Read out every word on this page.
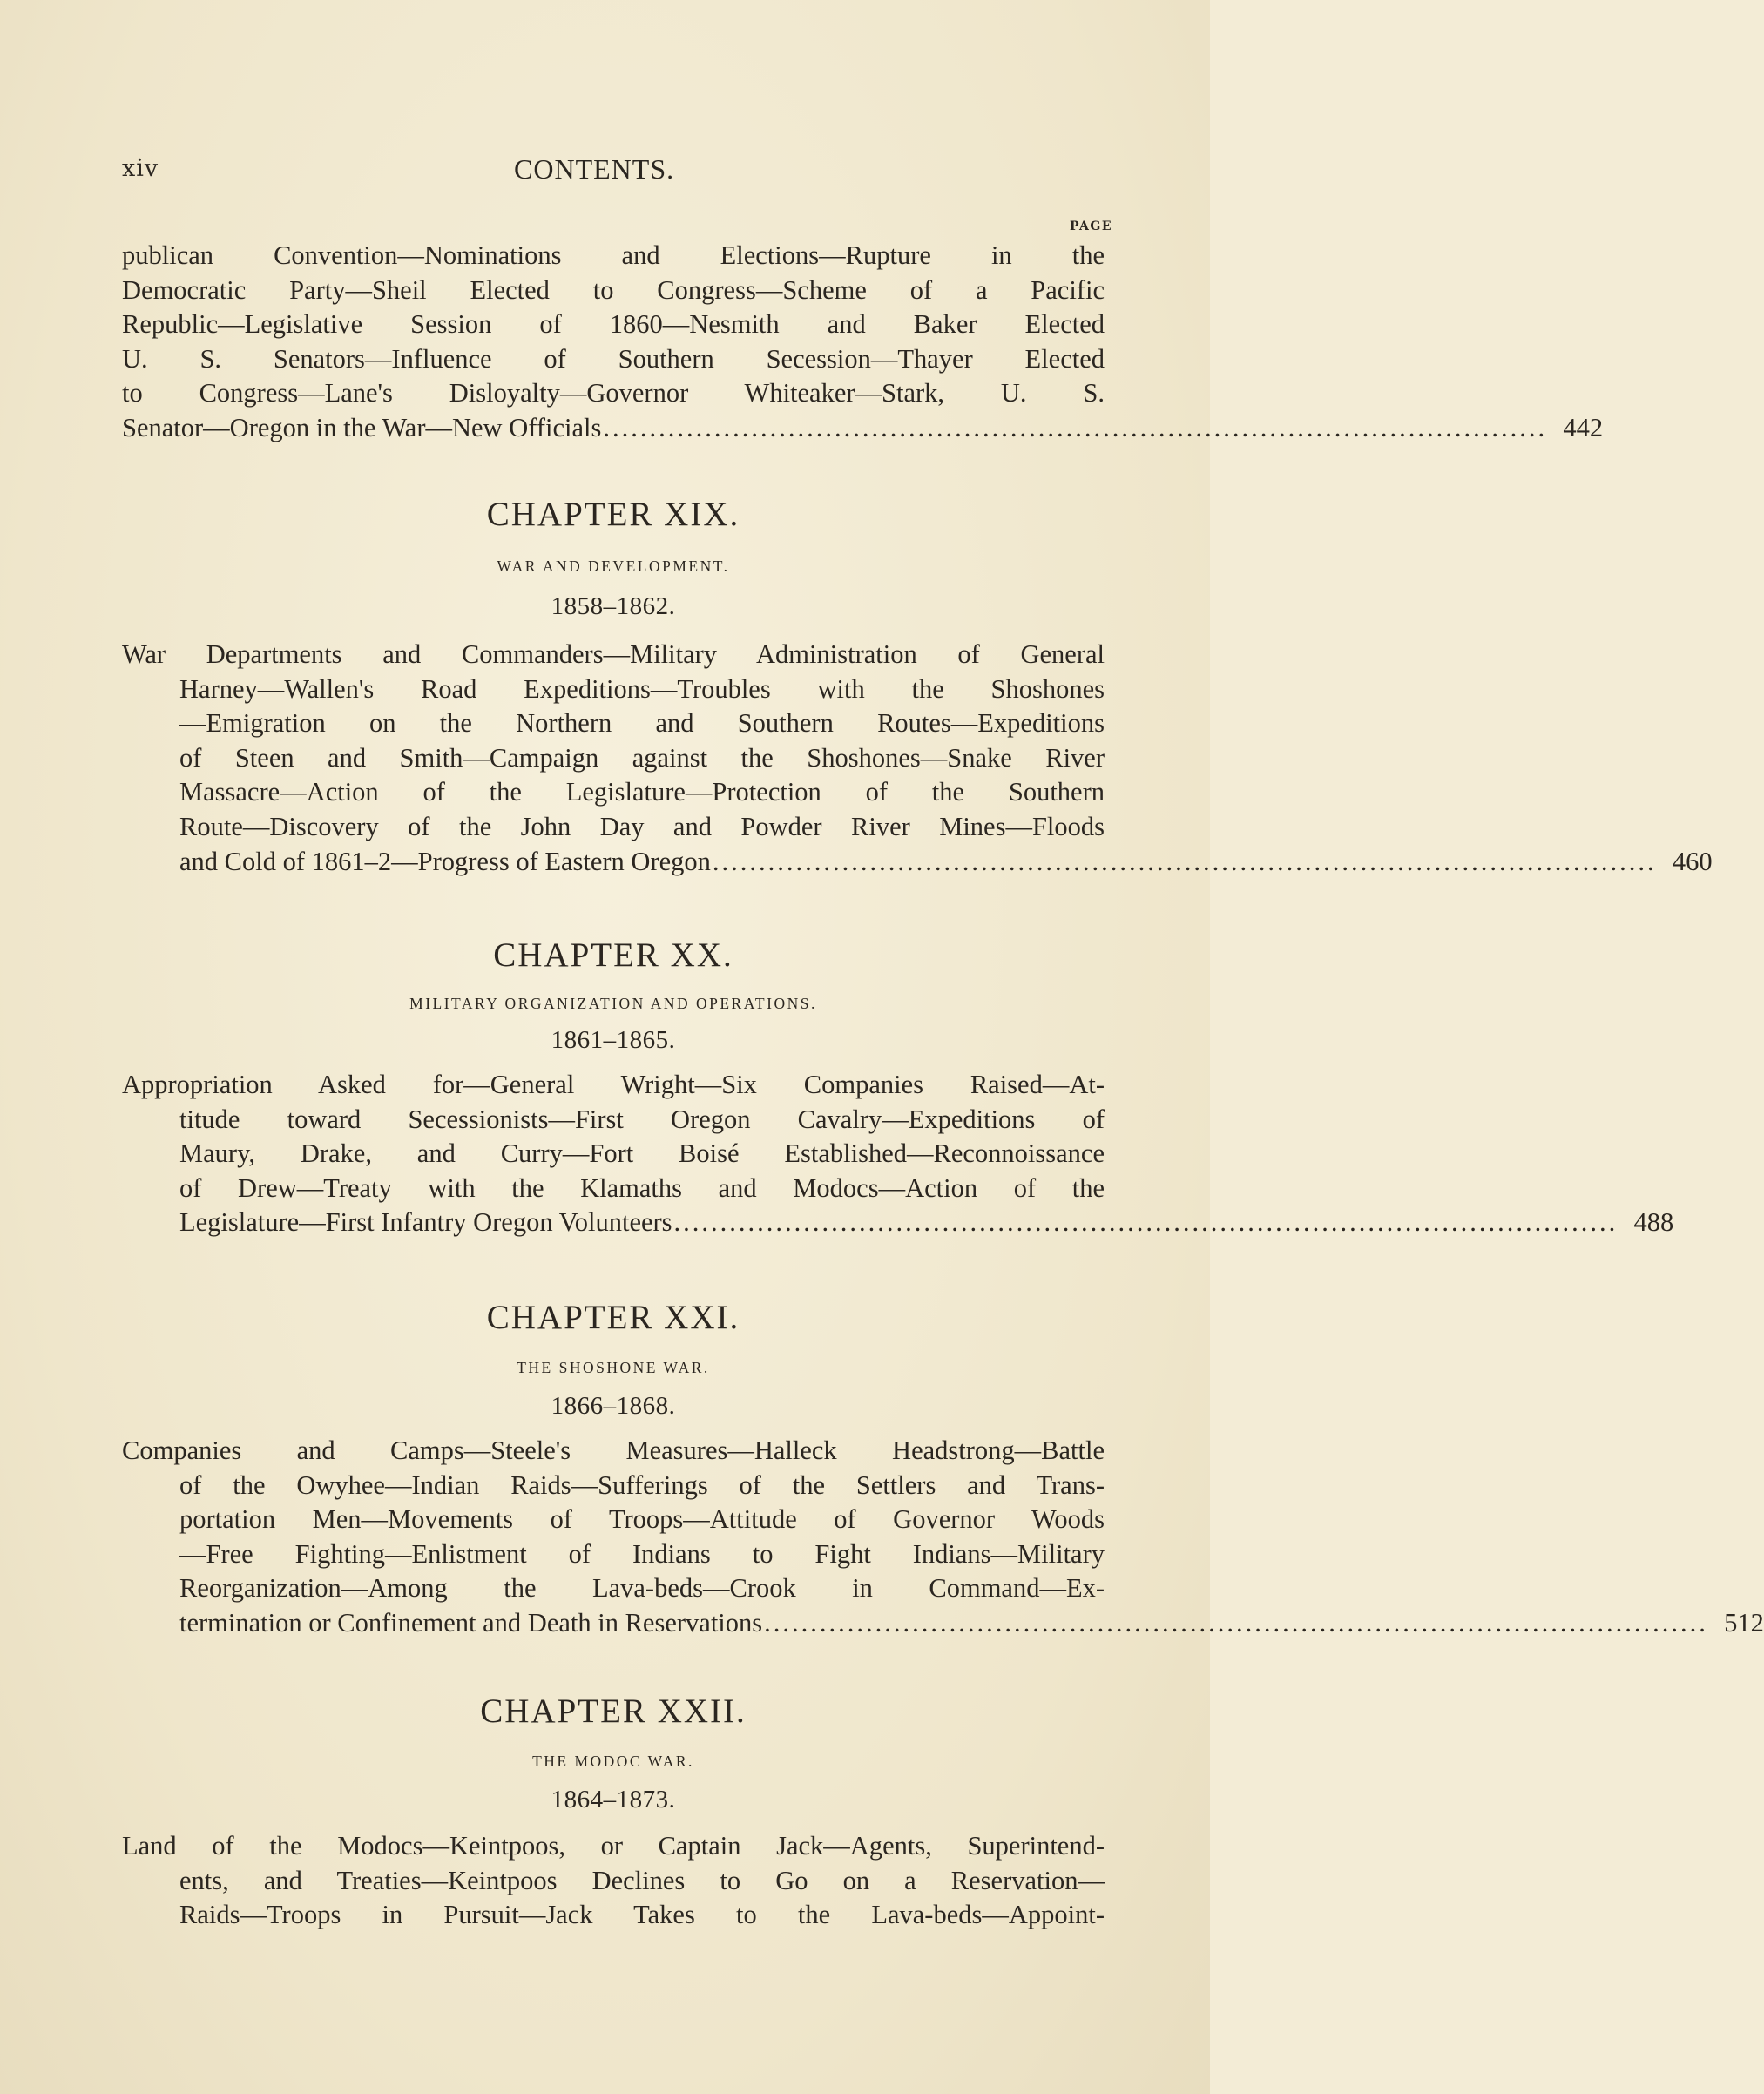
xiv	CONTENTS.
PAGE
publican Convention—Nominations and Elections—Rupture in the
Democratic Party—Sheil Elected to Congress—Scheme of a Pacific
Republic—Legislative Session of 1860—Nesmith and Baker Elected
U. S. Senators—Influence of Southern Secession—Thayer Elected
to Congress—Lane's Disloyalty—Governor Whiteaker—Stark, U. S.
Senator—Oregon in the War—New Officials ...................................................................................................... 442
CHAPTER XIX.
WAR AND DEVELOPMENT.
1858–1862.
War Departments and Commanders—Military Administration of General
Harney—Wallen's Road Expeditions—Troubles with the Shoshones
—Emigration on the Northern and Southern Routes—Expeditions
of Steen and Smith—Campaign against the Shoshones—Snake River
Massacre—Action of the Legislature—Protection of the Southern
Route—Discovery of the John Day and Powder River Mines—Floods
and Cold of 1861–2—Progress of Eastern Oregon ...................................................................................................... 460
CHAPTER XX.
MILITARY ORGANIZATION AND OPERATIONS.
1861–1865.
Appropriation Asked for—General Wright—Six Companies Raised—At-
titude toward Secessionists—First Oregon Cavalry—Expeditions of
Maury, Drake, and Curry—Fort Boisé Established—Reconnoissance
of Drew—Treaty with the Klamaths and Modocs—Action of the
Legislature—First Infantry Oregon Volunteers ...................................................................................................... 488
CHAPTER XXI.
THE SHOSHONE WAR.
1866–1868.
Companies and Camps—Steele's Measures—Halleck Headstrong—Battle
of the Owyhee—Indian Raids—Sufferings of the Settlers and Trans-
portation Men—Movements of Troops—Attitude of Governor Woods
—Free Fighting—Enlistment of Indians to Fight Indians—Military
Reorganization—Among the Lava-beds—Crook in Command—Ex-
termination or Confinement and Death in Reservations ...................................................................................................... 512
CHAPTER XXII.
THE MODOC WAR.
1864–1873.
Land of the Modocs—Keintpoos, or Captain Jack—Agents, Superintend-
ents, and Treaties—Keintpoos Declines to Go on a Reservation—
Raids—Troops in Pursuit—Jack Takes to the Lava-beds—Appoint-
